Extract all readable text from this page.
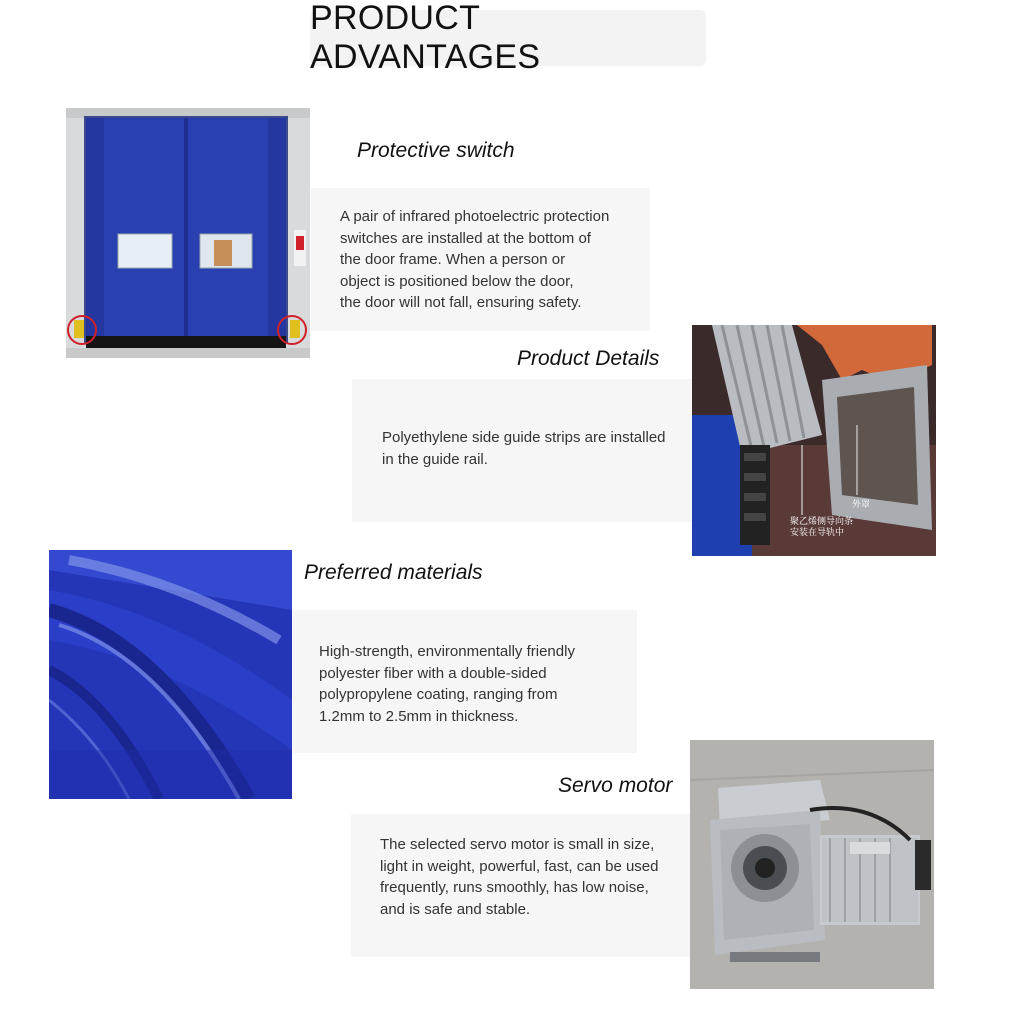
PRODUCT ADVANTAGES
Protective switch
A pair of infrared photoelectric protection
switches are installed at the bottom of
the door frame. When a person or
object is positioned below the door,
the door will not fall, ensuring safety.
Product Details
Polyethylene side guide strips are installed
in the guide rail.
外罩
聚乙烯侧导向条
安装在导轨中
Preferred materials
High-strength, environmentally friendly
polyester fiber with a double-sided
polypropylene coating, ranging from
1.2mm to 2.5mm in thickness.
Servo motor
The selected servo motor is small in size,
light in weight, powerful, fast, can be used
frequently, runs smoothly, has low noise,
and is safe and stable.
